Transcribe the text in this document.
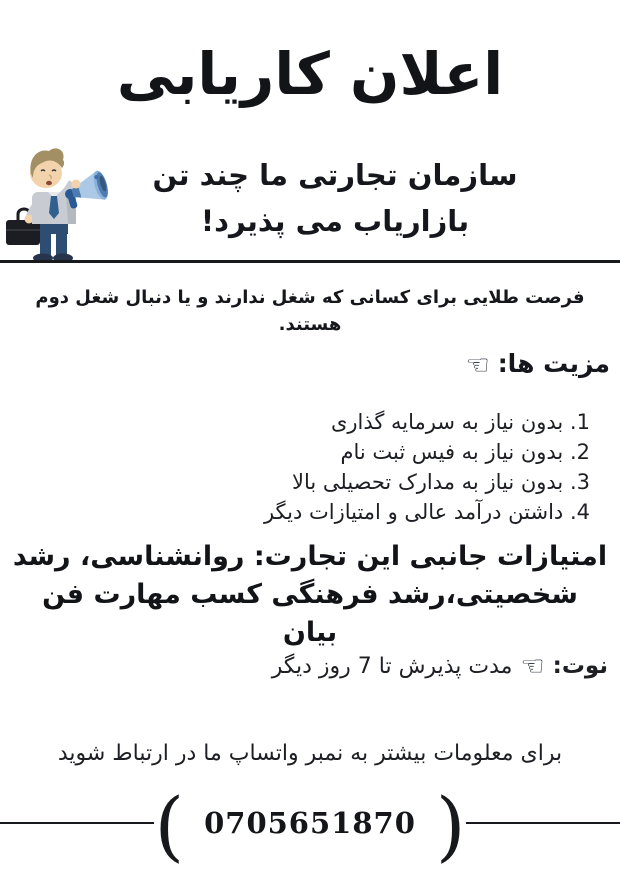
اعلان کاریابی
سازمان تجارتی ما چند تن
بازاریاب می پذیرد!
فرصت طلایی برای کسانی که شغل ندارند و یا دنبال شغل دوم هستند.
مزیت ها:☜
1. بدون نیاز به سرمایه گذاری
2. بدون نیاز به فیس ثبت نام
3. بدون نیاز به مدارک تحصیلی بالا
4. داشتن درآمد عالی و امتیازات دیگر
امتیازات جانبی این تجارت: روانشناسی، رشد شخصیتی،رشد فرهنگی کسب مهارت فن بیان
نوت:☜مدت پذیرش تا 7 روز دیگر
برای معلومات بیشتر به نمبر واتساپ ما در ارتباط شوید
(
0705651870
)
